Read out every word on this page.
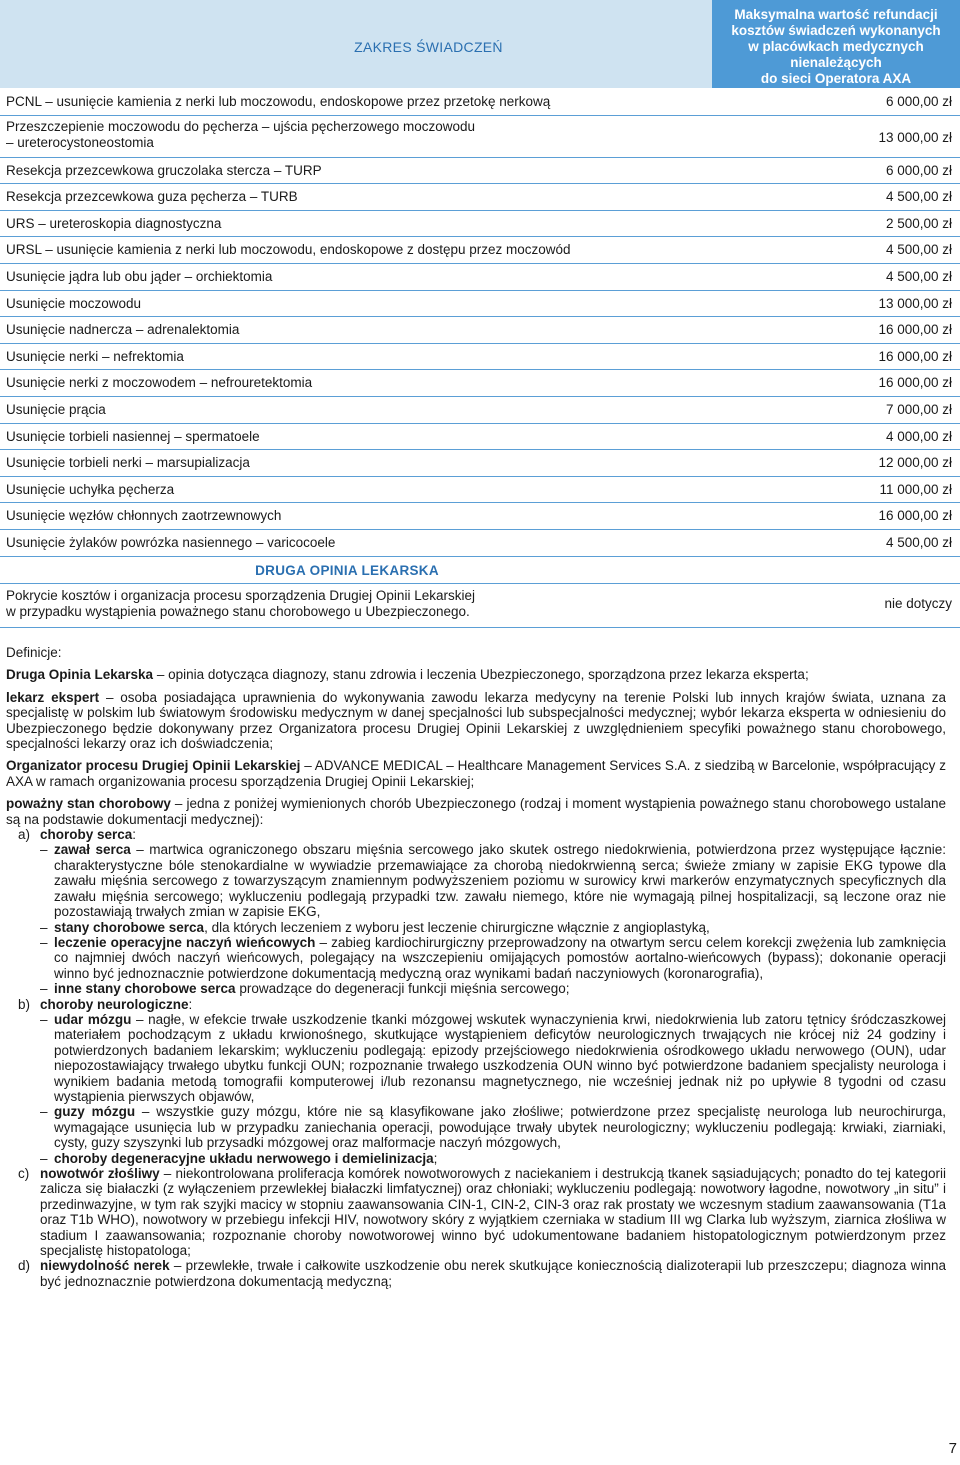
ZAKRES ŚWIADCZEŃ
Maksymalna wartość refundacji
kosztów świadczeń wykonanych
w placówkach medycznych
nienależących
do sieci Operatora AXA
PCNL – usunięcie kamienia z nerki lub moczowodu, endoskopowe przez przetokę nerkową	6 000,00 zł
Przeszczepienie moczowodu do pęcherza – ujścia pęcherzowego moczowodu
– ureterocystoneostomia	13 000,00 zł
Resekcja przezcewkowa gruczolaka stercza – TURP	6 000,00 zł
Resekcja przezcewkowa guza pęcherza – TURB	4 500,00 zł
URS – ureteroskopia diagnostyczna	2 500,00 zł
URSL – usunięcie kamienia z nerki lub moczowodu, endoskopowe z dostępu przez moczowód	4 500,00 zł
Usunięcie jądra lub obu jąder – orchiektomia	4 500,00 zł
Usunięcie moczowodu	13 000,00 zł
Usunięcie nadnercza – adrenalektomia	16 000,00 zł
Usunięcie nerki – nefrektomia	16 000,00 zł
Usunięcie nerki z moczowodem – nefrouretektomia	16 000,00 zł
Usunięcie prącia	7 000,00 zł
Usunięcie torbieli nasiennej – spermatoele	4 000,00 zł
Usunięcie torbieli nerki – marsupializacja	12 000,00 zł
Usunięcie uchyłka pęcherza	11 000,00 zł
Usunięcie węzłów chłonnych zaotrzewnowych	16 000,00 zł
Usunięcie żylaków powrózka nasiennego – varicocoele	4 500,00 zł
DRUGA OPINIA LEKARSKA
Pokrycie kosztów i organizacja procesu sporządzenia Drugiej Opinii Lekarskiej
w przypadku wystąpienia poważnego stanu chorobowego u Ubezpieczonego.
nie dotyczy

Definicje:

Druga Opinia Lekarska – opinia dotycząca diagnozy, stanu zdrowia i leczenia Ubezpieczonego, sporządzona przez lekarza eksperta;

lekarz ekspert – osoba posiadająca uprawnienia do wykonywania zawodu lekarza medycyny na terenie Polski lub innych krajów świata, uznana za specjalistę w polskim lub światowym środowisku medycznym w danej specjalności lub subspecjalności medycznej; wybór lekarza eksperta w odniesieniu do Ubezpieczonego będzie dokonywany przez Organizatora procesu Drugiej Opinii Lekarskiej z uwzględnieniem specyfiki poważnego stanu chorobowego, specjalności lekarzy oraz ich doświadczenia;

Organizator procesu Drugiej Opinii Lekarskiej – ADVANCE MEDICAL – Healthcare Management Services S.A. z siedzibą w Barcelonie, współpracujący z AXA w ramach organizowania procesu sporządzenia Drugiej Opinii Lekarskiej;

poważny stan chorobowy – jedna z poniżej wymienionych chorób Ubezpieczonego (rodzaj i moment wystąpienia poważnego stanu chorobowego ustalane są na podstawie dokumentacji medycznej):

a) choroby serca:

– zawał serca – martwica ograniczonego obszaru mięśnia sercowego jako skutek ostrego niedokrwienia, potwierdzona przez występujące łącznie: charakterystyczne bóle stenokardialne w wywiadzie przemawiające za chorobą niedokrwienną serca; świeże zmiany w zapisie EKG typowe dla zawału mięśnia sercowego z towarzyszącym znamiennym podwyższeniem poziomu w surowicy krwi markerów enzymatycznych specyficznych dla zawału mięśnia sercowego; wykluczeniu podlegają przypadki tzw. zawału niemego, które nie wymagają pilnej hospitalizacji, są leczone oraz nie pozostawiają trwałych zmian w zapisie EKG,

– stany chorobowe serca, dla których leczeniem z wyboru jest leczenie chirurgiczne włącznie z angioplastyką,

– leczenie operacyjne naczyń wieńcowych – zabieg kardiochirurgiczny przeprowadzony na otwartym sercu celem korekcji zwężenia lub zamknięcia co najmniej dwóch naczyń wieńcowych, polegający na wszczepieniu omijających pomostów aortalno-wieńcowych (bypass); dokonanie operacji winno być jednoznacznie potwierdzone dokumentacją medyczną oraz wynikami badań naczyniowych (koronarografia),

– inne stany chorobowe serca prowadzące do degeneracji funkcji mięśnia sercowego;

b) choroby neurologiczne:

– udar mózgu – nagłe, w efekcie trwałe uszkodzenie tkanki mózgowej wskutek wynaczynienia krwi, niedokrwienia lub zatoru tętnicy śródczaszkowej materiałem pochodzącym z układu krwionośnego, skutkujące wystąpieniem deficytów neurologicznych trwających nie krócej niż 24 godziny i potwierdzonych badaniem lekarskim; wykluczeniu podlegają: epizody przejściowego niedokrwienia ośrodkowego układu nerwowego (OUN), udar niepozostawiający trwałego ubytku funkcji OUN; rozpoznanie trwałego uszkodzenia OUN winno być potwierdzone badaniem specjalisty neurologa i wynikiem badania metodą tomografii komputerowej i/lub rezonansu magnetycznego, nie wcześniej jednak niż po upływie 8 tygodni od czasu wystąpienia pierwszych objawów,

– guzy mózgu – wszystkie guzy mózgu, które nie są klasyfikowane jako złośliwe; potwierdzone przez specjalistę neurologa lub neurochirurga, wymagające usunięcia lub w przypadku zaniechania operacji, powodujące trwały ubytek neurologiczny; wykluczeniu podlegają: krwiaki, ziarniaki, cysty, guzy szyszynki lub przysadki mózgowej oraz malformacje naczyń mózgowych,

– choroby degeneracyjne układu nerwowego i demielinizacja;

c) nowotwór złośliwy – niekontrolowana proliferacja komórek nowotworowych z naciekaniem i destrukcją tkanek sąsiadujących; ponadto do tej kategorii zalicza się białaczki (z wyłączeniem przewlekłej białaczki limfatycznej) oraz chłoniaki; wykluczeniu podlegają: nowotwory łagodne, nowotwory „in situ” i przedinwazyjne, w tym rak szyjki macicy w stopniu zaawansowania CIN-1, CIN-2, CIN-3 oraz rak prostaty we wczesnym stadium zaawansowania (T1a oraz T1b WHO), nowotwory w przebiegu infekcji HIV, nowotwory skóry z wyjątkiem czerniaka w stadium III wg Clarka lub wyższym, ziarnica złośliwa w stadium I zaawansowania; rozpoznanie choroby nowotworowej winno być udokumentowane badaniem histopatologicznym potwierdzonym przez specjalistę histopatologa;

d) niewydolność nerek – przewlekłe, trwałe i całkowite uszkodzenie obu nerek skutkujące koniecznością dializoterapii lub przeszczepu; diagnoza winna być jednoznacznie potwierdzona dokumentacją medyczną;

7
